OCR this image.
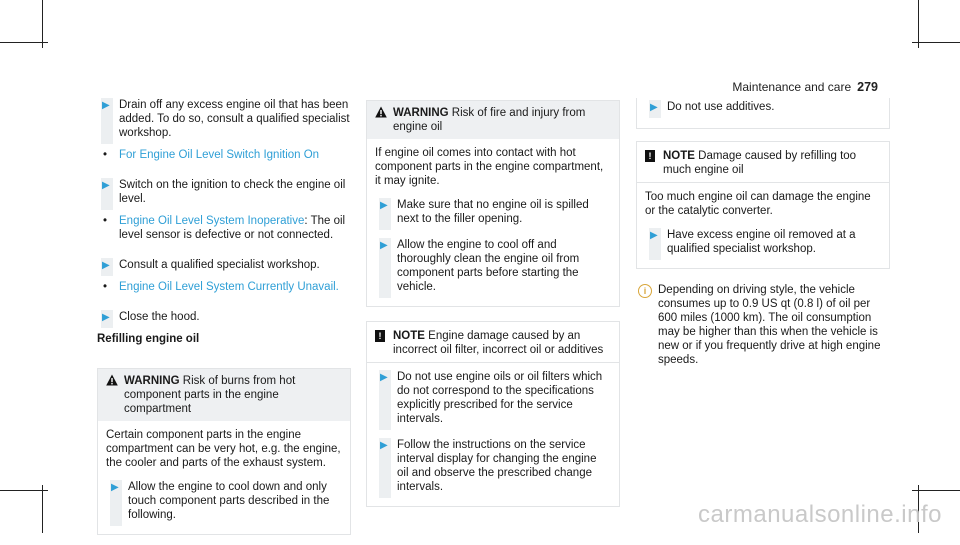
Maintenance and care 279
▶ Drain off any excess engine oil that has been added. To do so, consult a qualified specialist workshop.
• For Engine Oil Level Switch Ignition On
▶ Switch on the ignition to check the engine oil level.
• Engine Oil Level System Inoperative: The oil level sensor is defective or not connected.
▶ Consult a qualified specialist workshop.
• Engine Oil Level System Currently Unavail.
▶ Close the hood.
Refilling engine oil
WARNING Risk of burns from hot component parts in the engine compartment

Certain component parts in the engine compartment can be very hot, e.g. the engine, the cooler and parts of the exhaust system.

▶ Allow the engine to cool down and only touch component parts described in the following.
WARNING Risk of fire and injury from engine oil

If engine oil comes into contact with hot component parts in the engine compartment, it may ignite.

▶ Make sure that no engine oil is spilled next to the filler opening.
▶ Allow the engine to cool off and thoroughly clean the engine oil from component parts before starting the vehicle.
!	NOTE Engine damage caused by an incorrect oil filter, incorrect oil or additives
▶ Do not use engine oils or oil filters which do not correspond to the specifications explicitly prescribed for the service intervals.
▶ Follow the instructions on the service interval display for changing the engine oil and observe the prescribed change intervals.
▶ Do not use additives.
!	NOTE Damage caused by refilling too much engine oil

Too much engine oil can damage the engine or the catalytic converter.

▶ Have excess engine oil removed at a qualified specialist workshop.
i	Depending on driving style, the vehicle consumes up to 0.9 US qt (0.8 l) of oil per 600 miles (1000 km). The oil consumption may be higher than this when the vehicle is new or if you frequently drive at high engine speeds.
carmanualsonline.info
